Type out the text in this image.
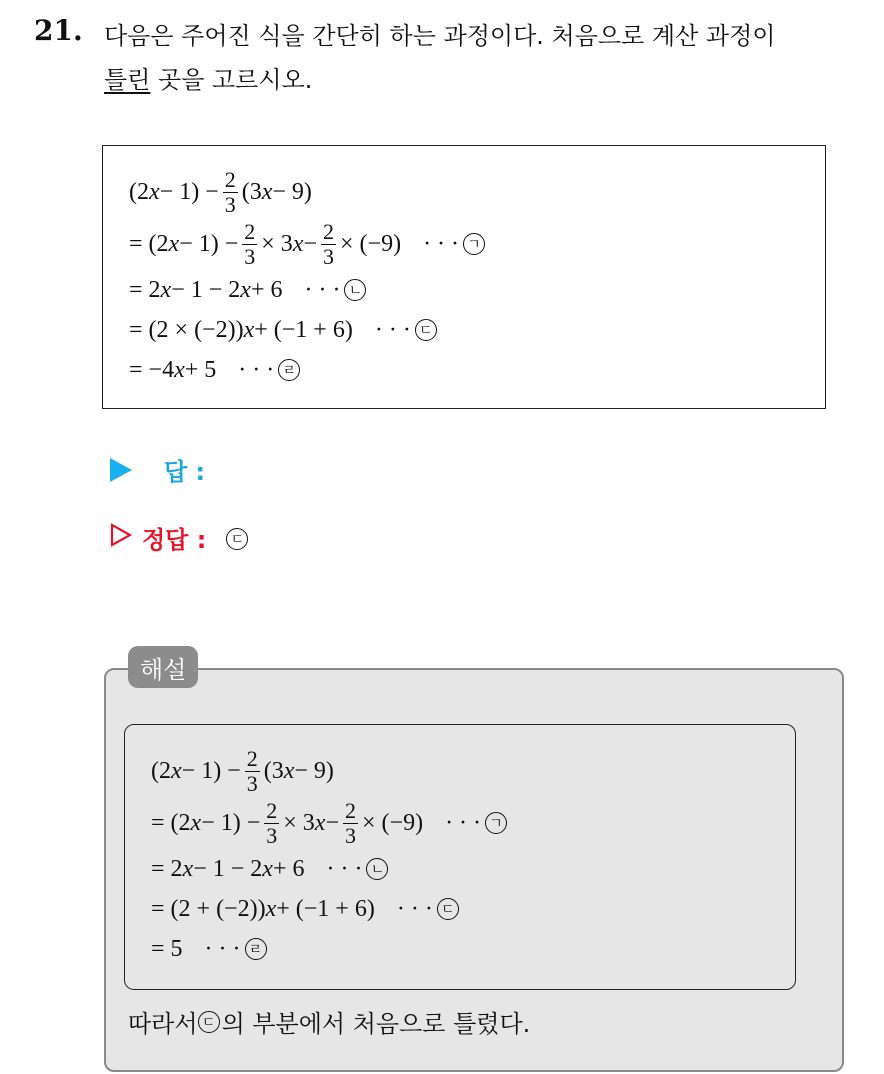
21. 다음은 주어진 식을 간단히 하는 과정이다. 처음으로 계산 과정이
틀린 곳을 고르시오.
(2 $x - 1) - \frac{2}{3} (3$ x − 9)
= (2 $x - 1) - \frac{2}{3} \times 3$ $x - \frac{2}{3} \times (-9)$ · · · ㄱ
= 2 x − 1 − 2 x + 6 · · · ㄴ
= (2 × (−2)) x + (−1 + 6) · · · ㄷ
= −4 x + 5 · · · ㄹ
답 :
정답 :	ㄷ
해설
(2 $x - 1) - \frac{2}{3} (3$ x − 9)
= (2 $x - 1) - \frac{2}{3} \times 3$ $x - \frac{2}{3} \times (-9)$ · · · ㄱ
= 2 x − 1 − 2 x + 6 · · · ㄴ
= (2 + (−2)) x + (−1 + 6) · · · ㄷ
= 5 · · · ㄹ
따라서 ㄷ 의 부분에서 처음으로 틀렸다.
